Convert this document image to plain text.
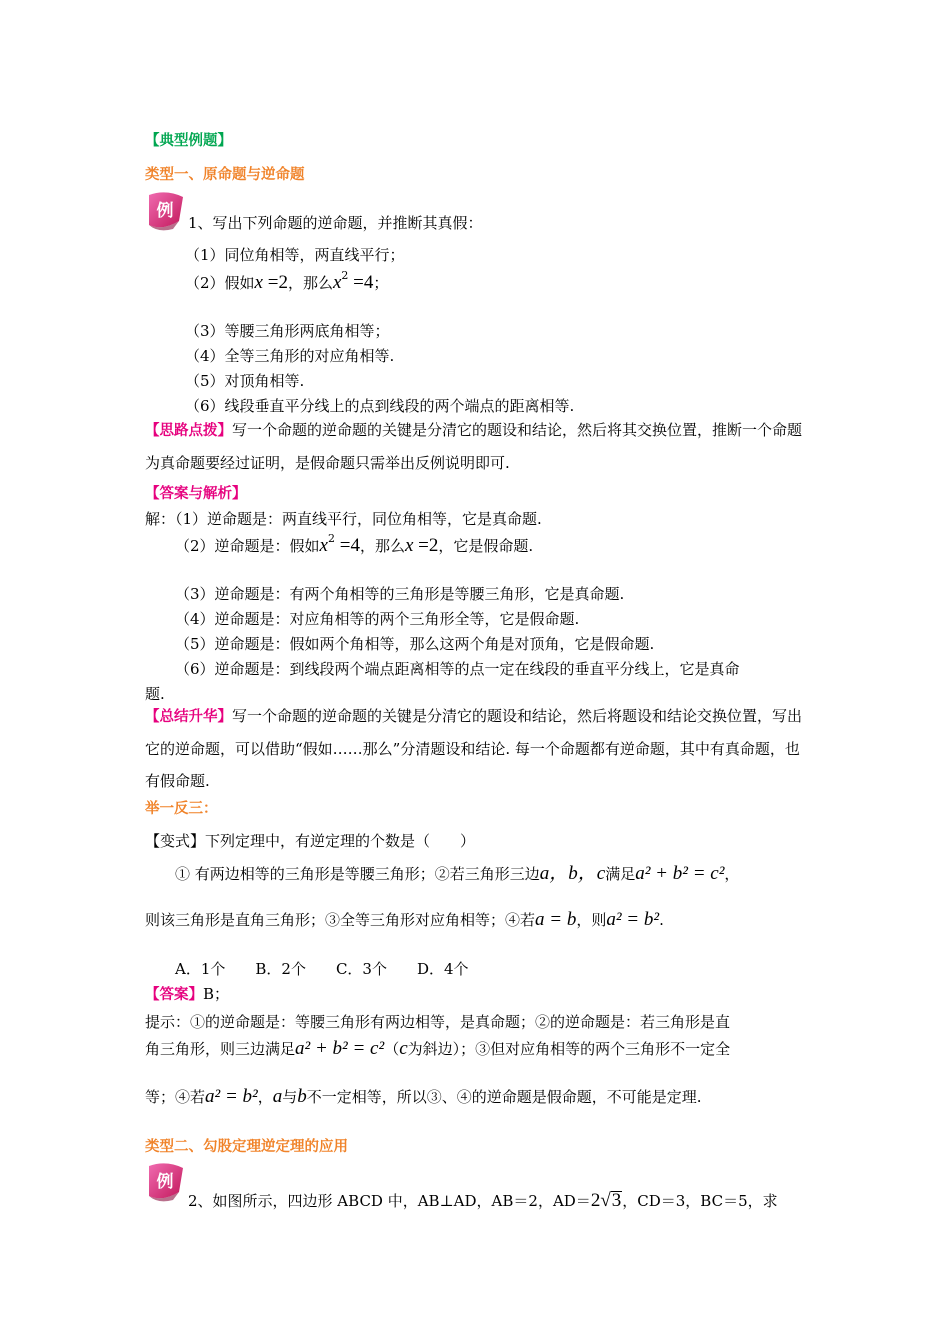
【典型例题】
类型一、原命题与逆命题
例
1、写出下列命题的逆命题，并推断其真假：
（1）同位角相等，两直线平行；
（2）假如x =2，那么$x^2 =4$；
（3）等腰三角形两底角相等；
（4）全等三角形的对应角相等.
（5）对顶角相等.
（6）线段垂直平分线上的点到线段的两个端点的距离相等.
【思路点拨】写一个命题的逆命题的关键是分清它的题设和结论，然后将其交换位置，推断一个命题为真命题要经过证明，是假命题只需举出反例说明即可.
【答案与解析】
解：（1）逆命题是：两直线平行，同位角相等，它是真命题.
（2）逆命题是：假如$x^2 =4$，那么x =2，它是假命题.
（3）逆命题是：有两个角相等的三角形是等腰三角形，它是真命题.
（4）逆命题是：对应角相等的两个三角形全等，它是假命题.
（5）逆命题是：假如两个角相等，那么这两个角是对顶角，它是假命题.
（6）逆命题是：到线段两个端点距离相等的点一定在线段的垂直平分线上，它是真命
题.
【总结升华】写一个命题的逆命题的关键是分清它的题设和结论，然后将题设和结论交换位置，写出它的逆命题，可以借助“假如……那么”分清题设和结论. 每一个命题都有逆命题，其中有真命题，也有假命题.
举一反三：
【变式】下列定理中，有逆定理的个数是（　　）
① 有两边相等的三角形是等腰三角形；②若三角形三边a，b，c满足a² + b² = c²，
则该三角形是直角三角形；③全等三角形对应角相等；④若a = b，则a² = b².
A．1个　　B．2个　　C．3个　　D．4个
【答案】B；
提示：①的逆命题是：等腰三角形有两边相等，是真命题；②的逆命题是：若三角形是直
角三角形，则三边满足a² + b² = c²（c为斜边）；③但对应角相等的两个三角形不一定全
等；④若a² = b²，a与b不一定相等，所以③、④的逆命题是假命题，不可能是定理.
类型二、勾股定理逆定理的应用
例
2、如图所示，四边形 ABCD 中，AB⊥AD，AB＝2，AD＝2√3，CD＝3，BC＝5，求
